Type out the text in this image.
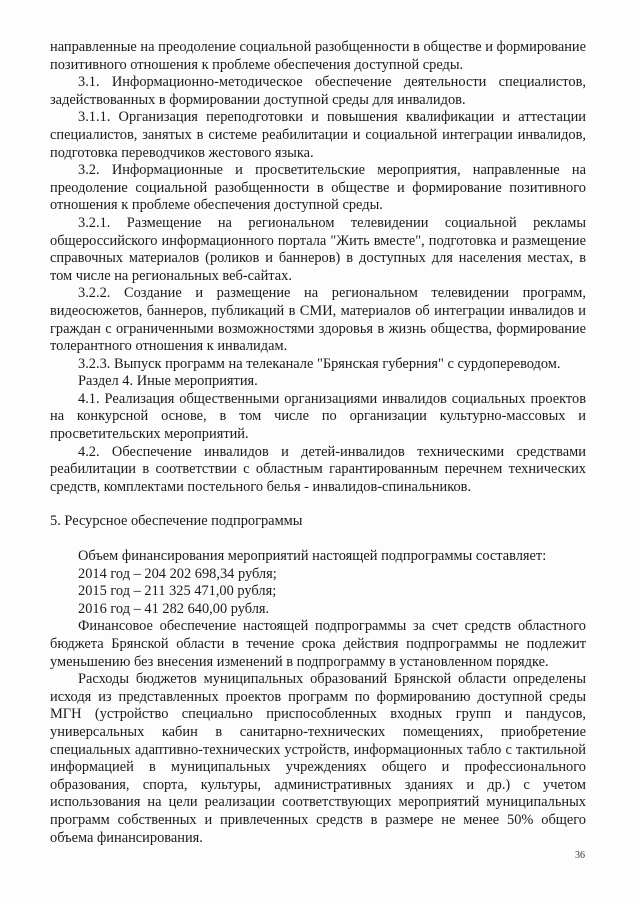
направленные на преодоление социальной разобщенности в обществе и формирование позитивного отношения к проблеме обеспечения доступной среды.

3.1. Информационно-методическое обеспечение деятельности специалистов, задействованных в формировании доступной среды для инвалидов.

3.1.1. Организация переподготовки и повышения квалификации и аттестации специалистов, занятых в системе реабилитации и социальной интеграции инвалидов, подготовка переводчиков жестового языка.

3.2. Информационные и просветительские мероприятия, направленные на преодоление социальной разобщенности в обществе и формирование позитивного отношения к проблеме обеспечения доступной среды.

3.2.1. Размещение на региональном телевидении социальной рекламы общероссийского информационного портала "Жить вместе", подготовка и размещение справочных материалов (роликов и баннеров) в доступных для населения местах, в том числе на региональных веб-сайтах.

3.2.2. Создание и размещение на региональном телевидении программ, видеосюжетов, баннеров, публикаций в СМИ, материалов об интеграции инвалидов и граждан с ограниченными возможностями здоровья в жизнь общества, формирование толерантного отношения к инвалидам.

3.2.3. Выпуск программ на телеканале "Брянская губерния" с сурдопереводом.

Раздел 4. Иные мероприятия.

4.1. Реализация общественными организациями инвалидов социальных проектов на конкурсной основе, в том числе по организации культурно-массовых и просветительских мероприятий.

4.2. Обеспечение инвалидов и детей-инвалидов техническими средствами реабилитации в соответствии с областным гарантированным перечнем технических средств, комплектами постельного белья - инвалидов-спинальников.

5. Ресурсное обеспечение подпрограммы

Объем финансирования мероприятий настоящей подпрограммы составляет:

2014 год – 204 202 698,34 рубля;
2015 год – 211 325 471,00 рубля;
2016 год – 41 282 640,00 рубля.

Финансовое обеспечение настоящей подпрограммы за счет средств областного бюджета Брянской области в течение срока действия подпрограммы не подлежит уменьшению без внесения изменений в подпрограмму в установленном порядке.

Расходы бюджетов муниципальных образований Брянской области определены исходя из представленных проектов программ по формированию доступной среды МГН (устройство специально приспособленных входных групп и пандусов, универсальных кабин в санитарно-технических помещениях, приобретение специальных адаптивно-технических устройств, информационных табло с тактильной информацией в муниципальных учреждениях общего и профессионального образования, спорта, культуры, административных зданиях и др.) с учетом использования на цели реализации соответствующих мероприятий муниципальных программ собственных и привлеченных средств в размере не менее 50% общего объема финансирования.

36
